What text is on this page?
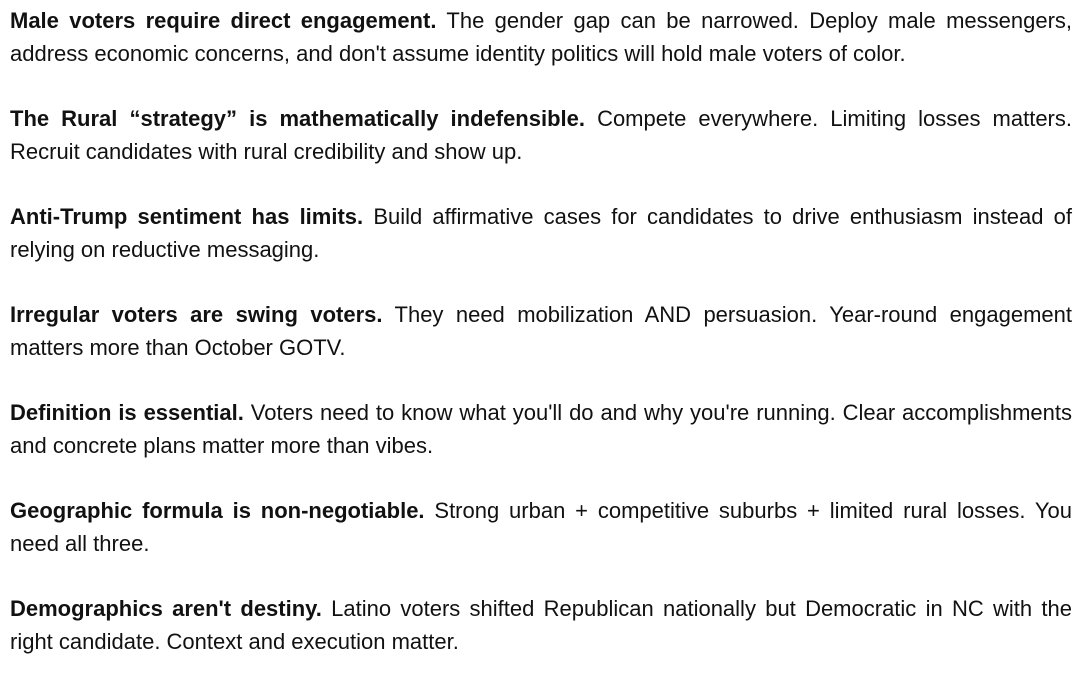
Male voters require direct engagement. The gender gap can be narrowed. Deploy male messengers, address economic concerns, and don't assume identity politics will hold male voters of color.

The Rural “strategy” is mathematically indefensible. Compete everywhere. Limiting losses matters. Recruit candidates with rural credibility and show up.

Anti-Trump sentiment has limits. Build affirmative cases for candidates to drive enthusiasm instead of relying on reductive messaging.

Irregular voters are swing voters. They need mobilization AND persuasion. Year-round engagement matters more than October GOTV.

Definition is essential. Voters need to know what you'll do and why you're running. Clear accomplishments and concrete plans matter more than vibes.

Geographic formula is non-negotiable. Strong urban + competitive suburbs + limited rural losses. You need all three.

Demographics aren't destiny. Latino voters shifted Republican nationally but Democratic in NC with the right candidate. Context and execution matter.
